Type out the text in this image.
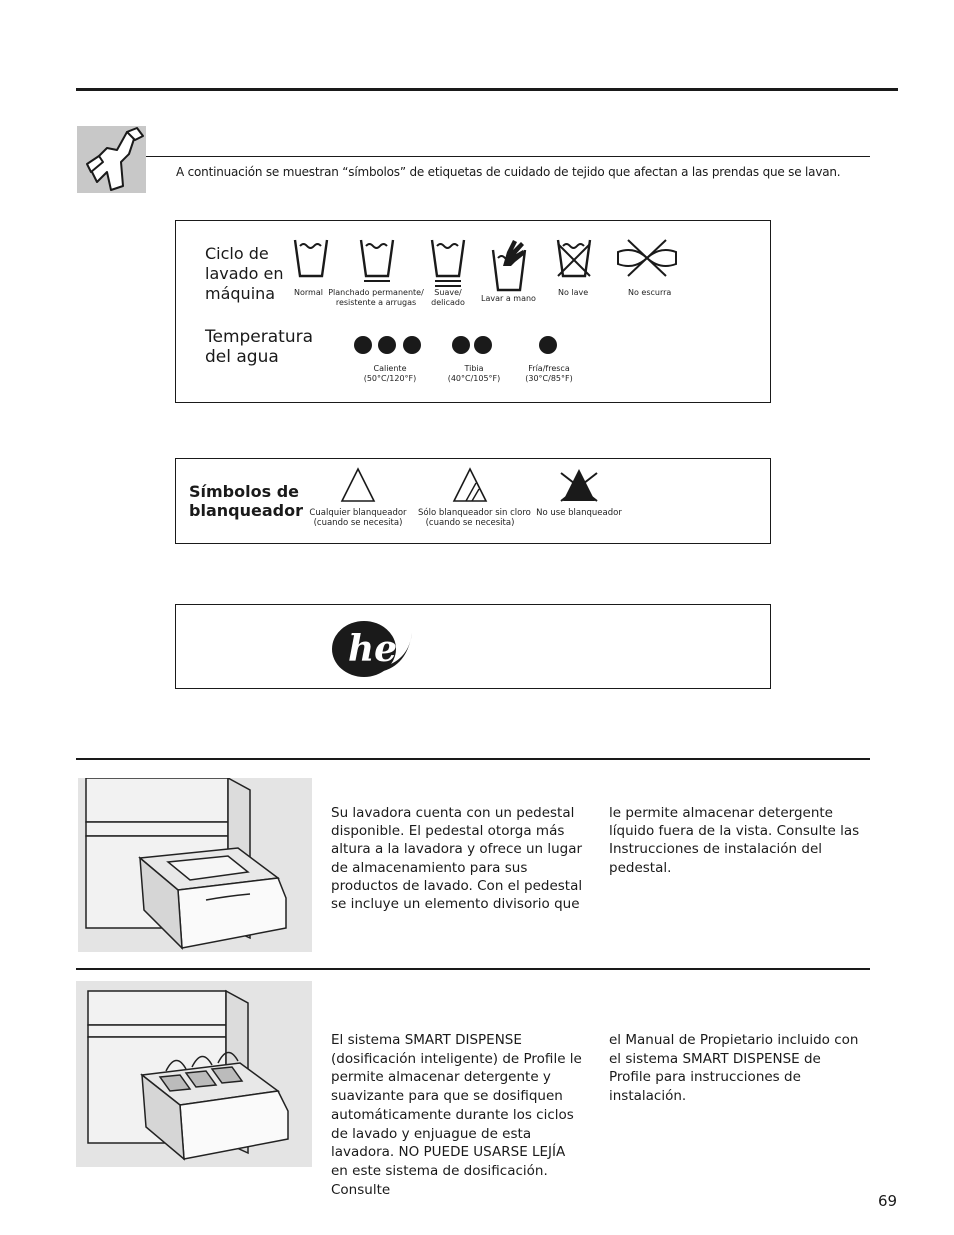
A continuación se muestran “símbolos” de etiquetas de cuidado de tejido que afectan a las prendas que se lavan.
Ciclo de lavado en máquina	Normal Planchado permanente/ resistente a arrugas
Suave/ delicado	Lavar a mano
No lave	No escurra
Temperatura del agua
Caliente
(50°C/120°F)
Tibia
(40°C/105°F)
Fría/fresca
(30°C/85°F)
Símbolos de blanqueador Cualquier blanqueador
(cuando se necesita)
Sólo blanqueador sin cloro
(cuando se necesita)
No use blanqueador
he
Su lavadora cuenta con un pedestal disponible. El pedestal otorga más altura a la lavadora y ofrece un lugar de almacenamiento para sus productos de lavado. Con el pedestal se incluye un elemento divisorio que
le permite almacenar detergente líquido fuera de la vista. Consulte las Instrucciones de instalación del pedestal.
El sistema SMART DISPENSE (dosificación inteligente) de Profile le permite almacenar detergente y suavizante para que se dosifiquen automáticamente durante los ciclos de lavado y enjuague de esta lavadora. NO PUEDE USARSE LEJÍA en este sistema de dosificación. Consulte
el Manual de Propietario incluido con el sistema SMART DISPENSE de Profile para instrucciones de instalación.
69
